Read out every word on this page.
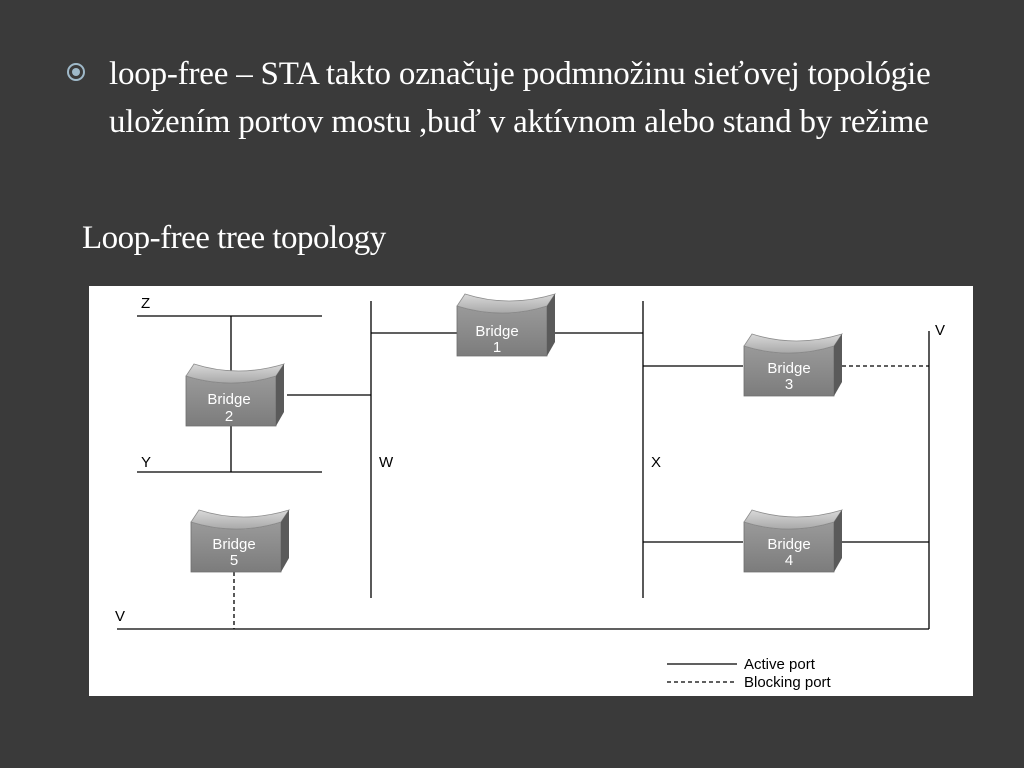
loop-free – STA takto označuje podmnožinu sieťovej topológie uložením portov mostu ,buď v aktívnom alebo stand by režime
Loop-free tree topology
Bridge
1
Bridge
2
Bridge
3
Bridge
4
Bridge
5
Z
Y	W	X
V
V
Active port
Blocking port
